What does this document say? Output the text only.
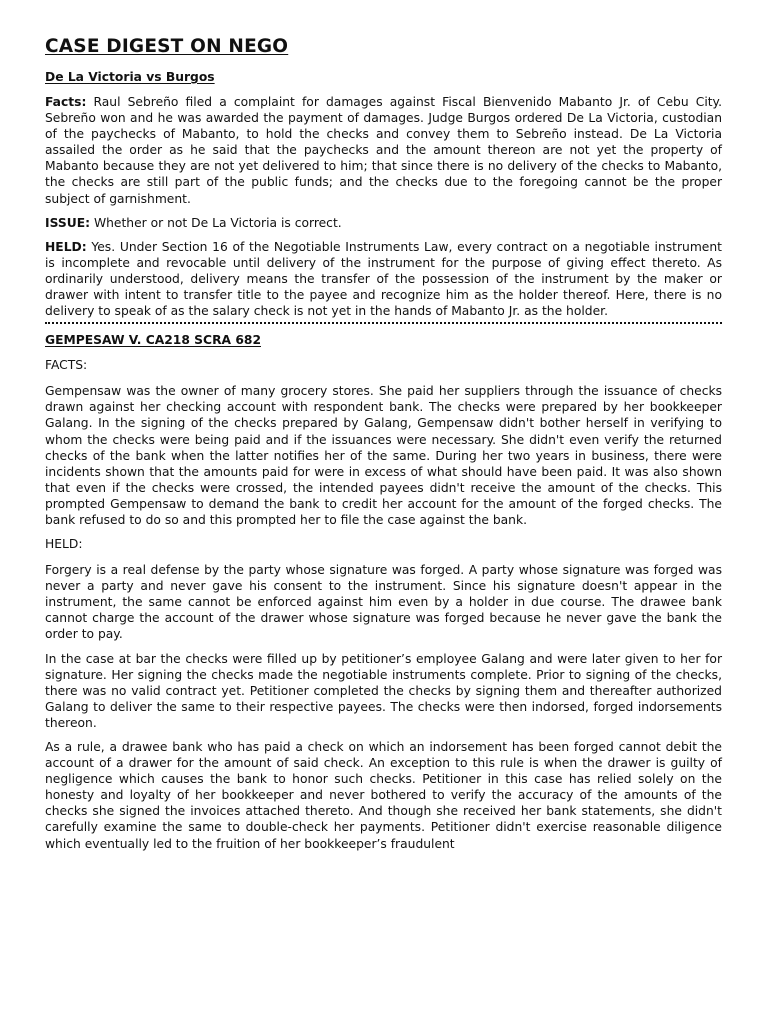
CASE DIGEST ON NEGO
De La Victoria vs Burgos

Facts: Raul Sebreño filed a complaint for damages against Fiscal Bienvenido Mabanto Jr. of Cebu City. Sebreño won and he was awarded the payment of damages. Judge Burgos ordered De La Victoria, custodian of the paychecks of Mabanto, to hold the checks and convey them to Sebreño instead. De La Victoria assailed the order as he said that the paychecks and the amount thereon are not yet the property of Mabanto because they are not yet delivered to him; that since there is no delivery of the checks to Mabanto, the checks are still part of the public funds; and the checks due to the foregoing cannot be the proper subject of garnishment.

ISSUE: Whether or not De La Victoria is correct.

HELD: Yes. Under Section 16 of the Negotiable Instruments Law, every contract on a negotiable instrument is incomplete and revocable until delivery of the instrument for the purpose of giving effect thereto. As ordinarily understood, delivery means the transfer of the possession of the instrument by the maker or drawer with intent to transfer title to the payee and recognize him as the holder thereof. Here, there is no delivery to speak of as the salary check is not yet in the hands of Mabanto Jr. as the holder.

GEMPESAW V. CA218 SCRA 682
FACTS:

Gempensaw was the owner of many grocery stores. She paid her suppliers through the issuance of checks drawn against her checking account with respondent bank. The checks were prepared by her bookkeeper Galang. In the signing of the checks prepared by Galang, Gempensaw didn't bother herself in verifying to whom the checks were being paid and if the issuances were necessary. She didn't even verify the returned checks of the bank when the latter notifies her of the same. During her two years in business, there were incidents shown that the amounts paid for were in excess of what should have been paid. It was also shown that even if the checks were crossed, the intended payees didn't receive the amount of the checks. This prompted Gempensaw to demand the bank to credit her account for the amount of the forged checks. The bank refused to do so and this prompted her to file the case against the bank.

HELD:

Forgery is a real defense by the party whose signature was forged. A party whose signature was forged was never a party and never gave his consent to the instrument. Since his signature doesn't appear in the instrument, the same cannot be enforced against him even by a holder in due course. The drawee bank cannot charge the account of the drawer whose signature was forged because he never gave the bank the order to pay.

In the case at bar the checks were filled up by petitioner’s employee Galang and were later given to her for signature. Her signing the checks made the negotiable instruments complete. Prior to signing of the checks, there was no valid contract yet. Petitioner completed the checks by signing them and thereafter authorized Galang to deliver the same to their respective payees. The checks were then indorsed, forged indorsements thereon.

As a rule, a drawee bank who has paid a check on which an indorsement has been forged cannot debit the account of a drawer for the amount of said check. An exception to this rule is when the drawer is guilty of negligence which causes the bank to honor such checks. Petitioner in this case has relied solely on the honesty and loyalty of her bookkeeper and never bothered to verify the accuracy of the amounts of the checks she signed the invoices attached thereto. And though she received her bank statements, she didn't carefully examine the same to double-check her payments. Petitioner didn't exercise reasonable diligence which eventually led to the fruition of her bookkeeper’s fraudulent
